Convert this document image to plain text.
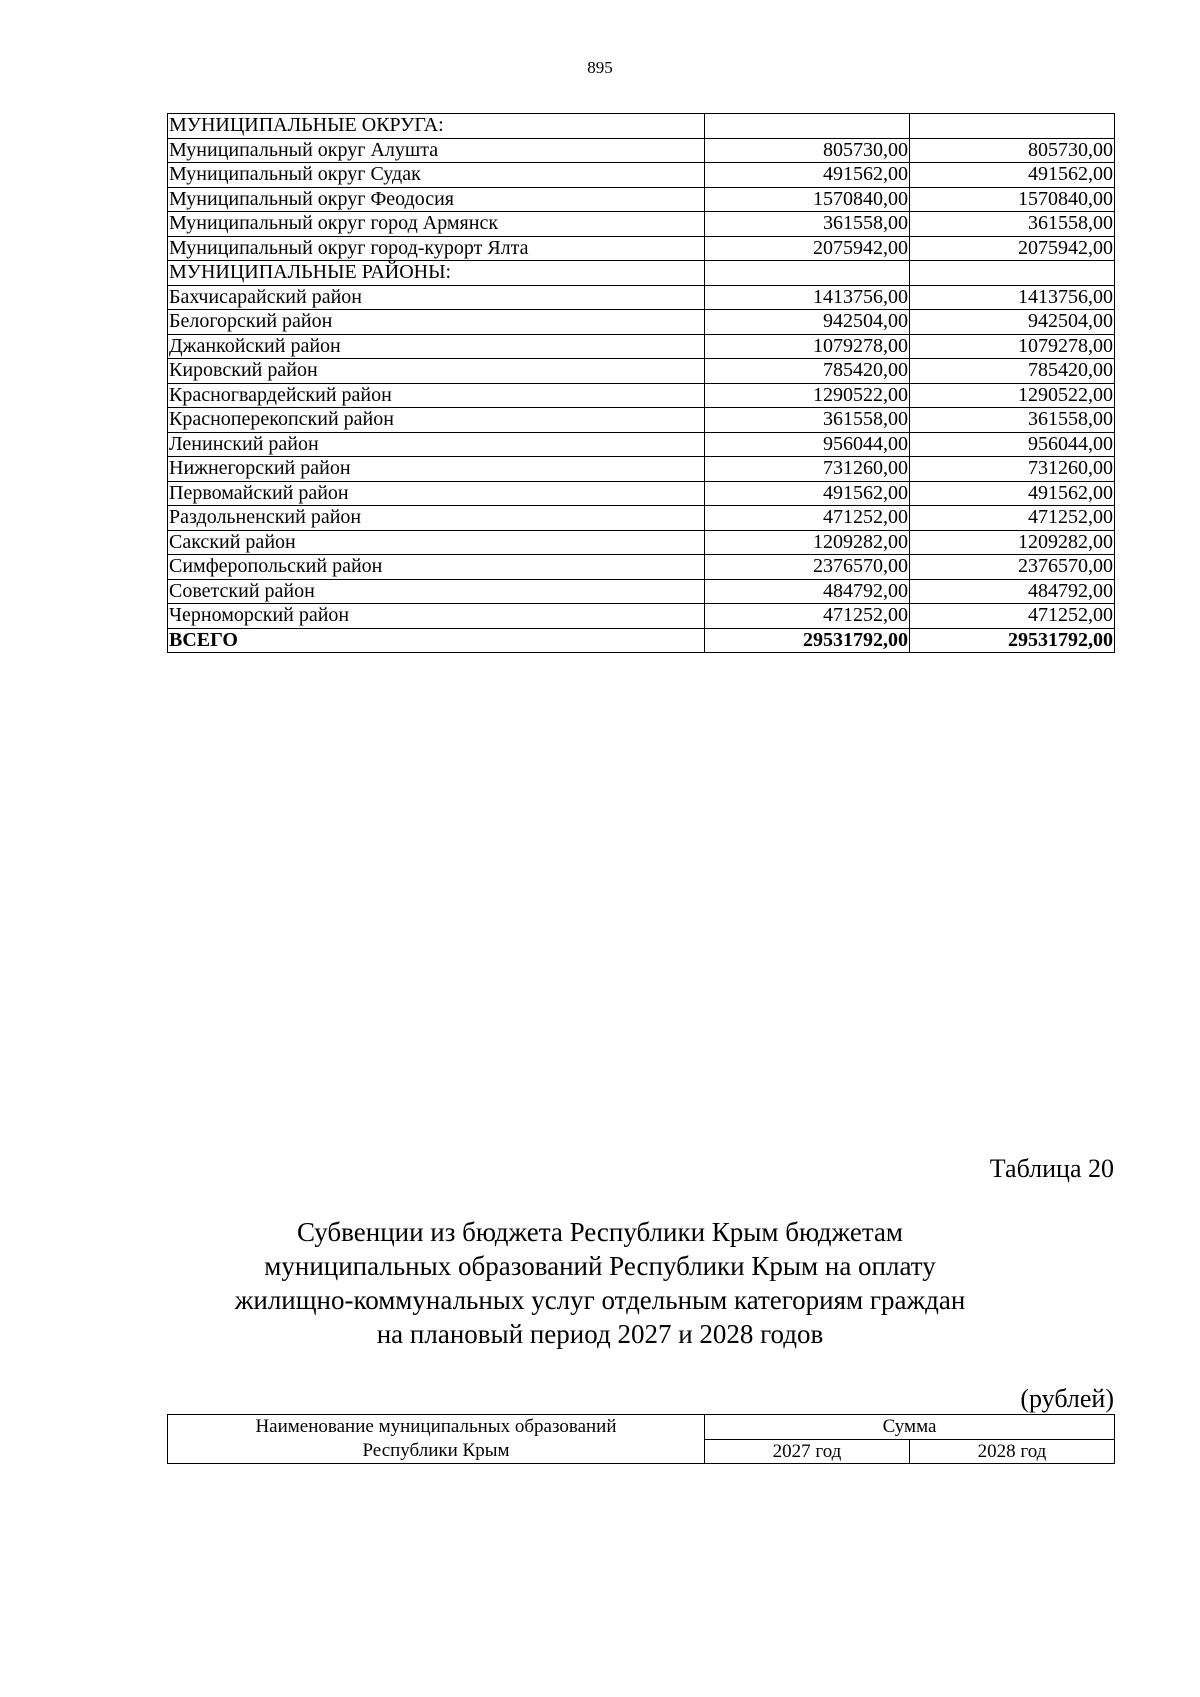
895
МУНИЦИПАЛЬНЫЕ ОКРУГА:		
Муниципальный округ Алушта	805730,00	805730,00
Муниципальный округ Судак	491562,00	491562,00
Муниципальный округ Феодосия	1570840,00	1570840,00
Муниципальный округ город Армянск	361558,00	361558,00
Муниципальный округ город-курорт Ялта	2075942,00	2075942,00
МУНИЦИПАЛЬНЫЕ РАЙОНЫ:		
Бахчисарайский район	1413756,00	1413756,00
Белогорский район	942504,00	942504,00
Джанкойский район	1079278,00	1079278,00
Кировский район	785420,00	785420,00
Красногвардейский район	1290522,00	1290522,00
Красноперекопский район	361558,00	361558,00
Ленинский район	956044,00	956044,00
Нижнегорский район	731260,00	731260,00
Первомайский район	491562,00	491562,00
Раздольненский район	471252,00	471252,00
Сакский район	1209282,00	1209282,00
Симферопольский район	2376570,00	2376570,00
Советский район	484792,00	484792,00
Черноморский район	471252,00	471252,00
ВСЕГО	29531792,00	29531792,00
Таблица 20
Субвенции из бюджета Республики Крым бюджетам
муниципальных образований Республики Крым на оплату
жилищно-коммунальных услуг отдельным категориям граждан
на плановый период 2027 и 2028 годов
(рублей)
Наименование муниципальных образований
Республики Крым	Сумма	
	2027 год	2028 год
